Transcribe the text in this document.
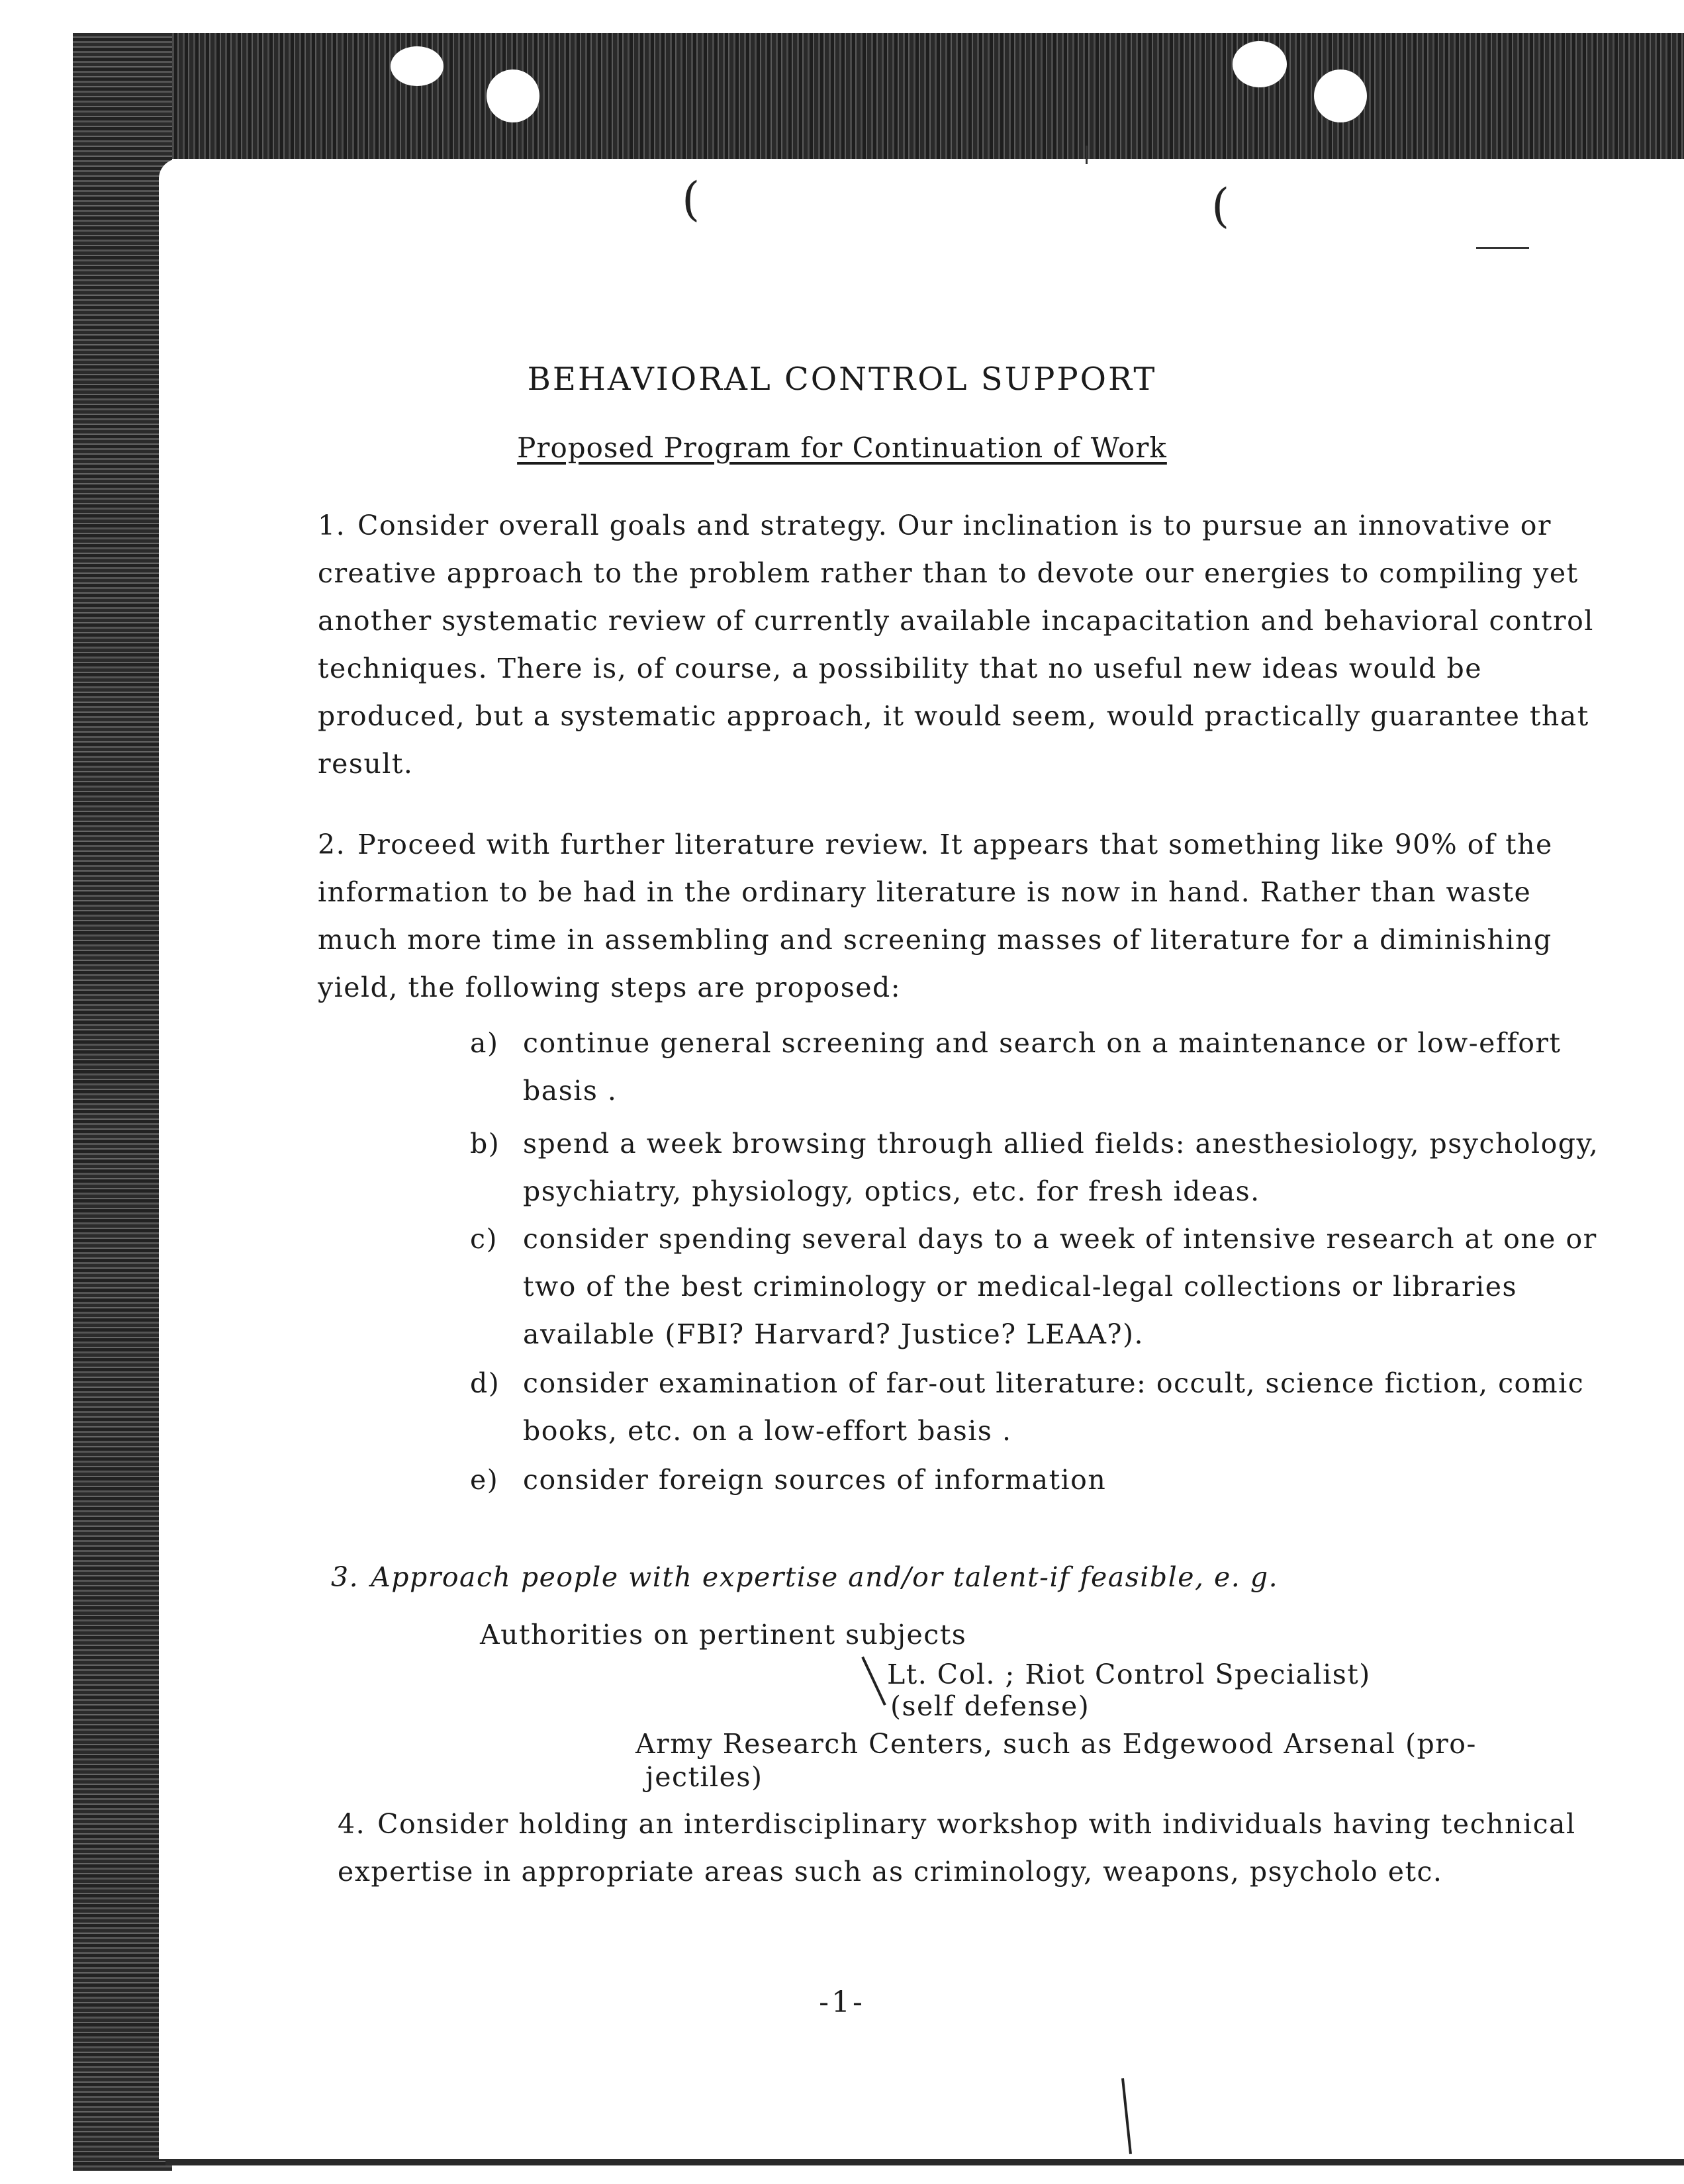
(	(
BEHAVIORAL CONTROL SUPPORT
Proposed Program for Continuation of Work
1. Consider overall goals and strategy. Our inclination is to pursue an innovative or creative approach to the problem rather than to devote our energies to compiling yet another systematic review of currently available incapacitation and behavioral control techniques. There is, of course, a possibility that no useful new ideas would be produced, but a systematic approach, it would seem, would practically guarantee that result.
2. Proceed with further literature review. It appears that something like 90% of the information to be had in the ordinary literature is now in hand. Rather than waste much more time in assembling and screening masses of literature for a diminishing yield, the following steps are proposed:
a) continue general screening and search on a maintenance or low-effort basis .
b) spend a week browsing through allied fields: anesthesiology, psychology, psychiatry, physiology, optics, etc. for fresh ideas.
c) consider spending several days to a week of intensive research at one or two of the best criminology or medical-legal collections or libraries available (FBI? Harvard? Justice? LEAA?).
d) consider examination of far-out literature: occult, science fiction, comic books, etc. on a low-effort basis .
e) consider foreign sources of information
3. Approach people with expertise and/or talent-if feasible, e. g.
Authorities on pertinent subjects
Lt. Col. ; Riot Control Specialist)
(self defense)
Army Research Centers, such as Edgewood Arsenal (pro-
jectiles)
4. Consider holding an interdisciplinary workshop with individuals having technical expertise in appropriate areas such as criminology, weapons, psycholo etc.
-1-
